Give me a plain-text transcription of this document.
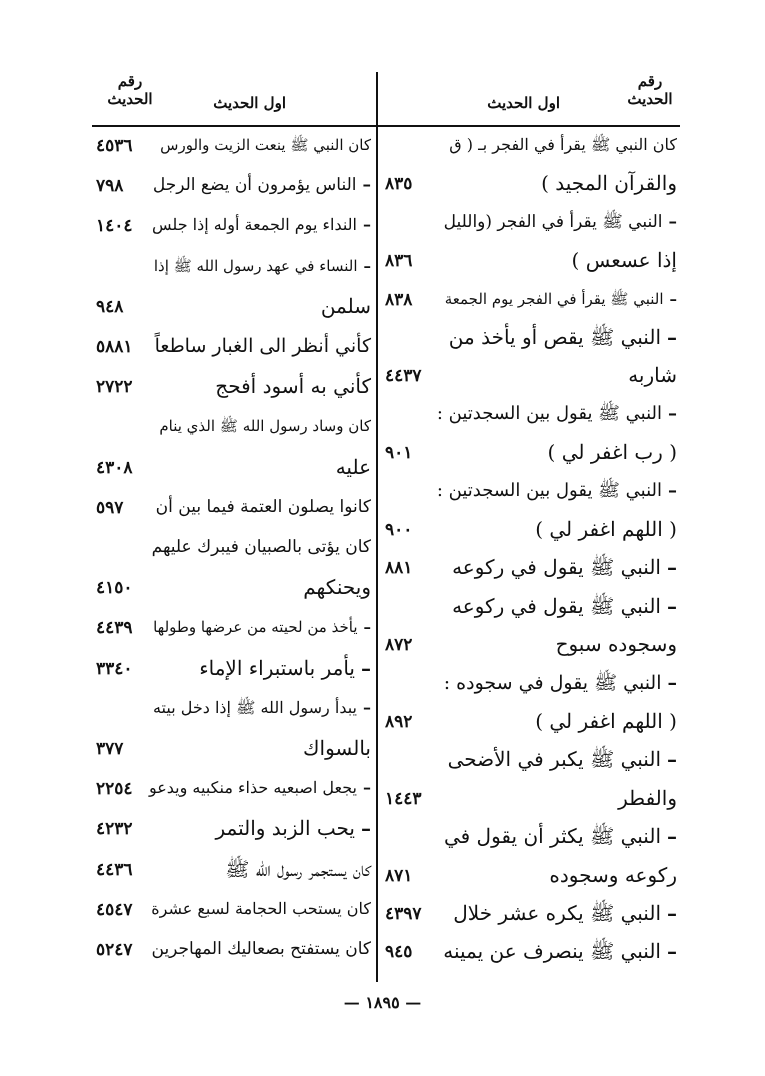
رقم
الحديث
اول الحديث
رقم
الحديث	اول الحديث
كان النبي ﷺ يقرأ في الفجر بـ ( ق
والقرآن المجيد )
٨٣٥
–النبي ﷺ يقرأ في الفجر (والليل
إذا عسعس )
٨٣٦
–النبي ﷺ يقرأ في الفجر يوم الجمعة
٨٣٨
–النبي ﷺ يقص أو يأخذ من
شاربه
٤٤٣٧
–النبي ﷺ يقول بين السجدتين :
( رب اغفر لي )
٩٠١
–النبي ﷺ يقول بين السجدتين :
( اللهم اغفر لي )
٩٠٠
–النبي ﷺ يقول في ركوعه
٨٨١
–النبي ﷺ يقول في ركوعه
وسجوده سبوح
٨٧٢
–النبي ﷺ يقول في سجوده :
( اللهم اغفر لي )
٨٩٢
–النبي ﷺ يكبر في الأضحى
والفطر
١٤٤٣
–النبي ﷺ يكثر أن يقول في
ركوعه وسجوده
٨٧١
–النبي ﷺ يكره عشر خلال
٤٣٩٧
–النبي ﷺ ينصرف عن يمينه
٩٤٥
كان النبي ﷺ ينعت الزيت والورس
٤٥٣٦
–الناس يؤمرون أن يضع الرجل
٧٩٨
–النداء يوم الجمعة أوله إذا جلس
١٤٠٤
–النساء في عهد رسول الله ﷺ إذا
سلمن
٩٤٨
كأني أنظر الى الغبار ساطعاً
٥٨٨١
كأني به أسود أفحج
٢٧٢٢
كان وساد رسول الله ﷺ الذي ينام
عليه
٤٣٠٨
كانوا يصلون العتمة فيما بين أن
٥٩٧
كان يؤتى بالصبيان فيبرك عليهم
ويحنكهم
٤١٥٠
–يأخذ من لحيته من عرضها وطولها
٤٤٣٩
–يأمر باستبراء الإماء
٣٣٤٠
–يبدأ رسول الله ﷺ إذا دخل بيته
بالسواك
٣٧٧
–يجعل اصبعيه حذاء منكبيه ويدعو
٢٢٥٤
–يحب الزبد والتمر
٤٢٣٢
كان يستجمر رسول الله ﷺ
٤٤٣٦
كان يستحب الحجامة لسبع عشرة
٤٥٤٧
كان يستفتح بصعاليك المهاجرين
٥٢٤٧
— ١٨٩٥ —
